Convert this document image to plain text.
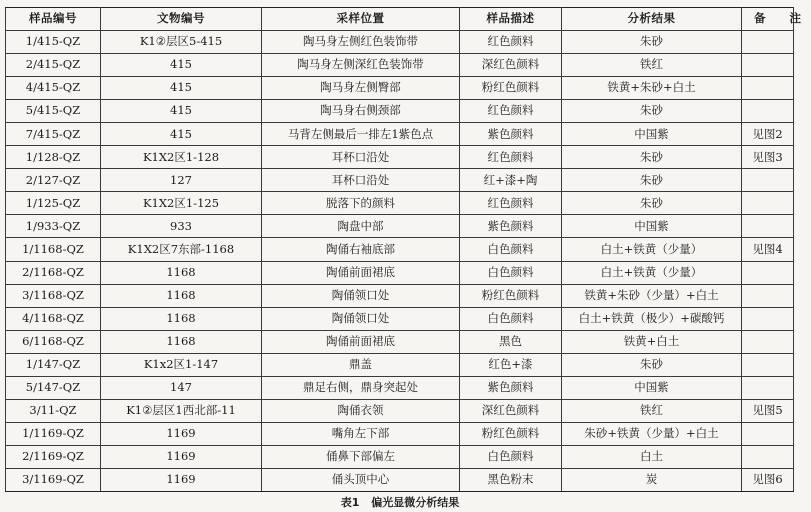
样品编号	文物编号	采样位置	样品描述	分析结果	备 注
1/415-QZ	K1②层区5-415	陶马身左侧红色装饰带	红色颜料	朱砂	
2/415-QZ	415	陶马身左侧深红色装饰带	深红色颜料	铁红	
4/415-QZ	415	陶马身左侧臀部	粉红色颜料	铁黄+朱砂+白土	
5/415-QZ	415	陶马身右侧颈部	红色颜料	朱砂	
7/415-QZ	415	马背左侧最后一排左1紫色点	紫色颜料	中国紫	见图2
1/128-QZ	K1X2区1-128	耳杯口沿处	红色颜料	朱砂	见图3
2/127-QZ	127	耳杯口沿处	红+漆+陶	朱砂	
1/125-QZ	K1X2区1-125	脱落下的颜料	红色颜料	朱砂	
1/933-QZ	933	陶盘中部	紫色颜料	中国紫	
1/1168-QZ	K1X2区7东部-1168	陶俑右袖底部	白色颜料	白土+铁黄（少量）	见图4
2/1168-QZ	1168	陶俑前面裙底	白色颜料	白土+铁黄（少量）	
3/1168-QZ	1168	陶俑领口处	粉红色颜料	铁黄+朱砂（少量）+白土	
4/1168-QZ	1168	陶俑领口处	白色颜料	白土+铁黄（极少）+碳酸钙	
6/1168-QZ	1168	陶俑前面裙底	黑色	铁黄+白土	
1/147-QZ	K1x2区1-147	鼎盖	红色+漆	朱砂	
5/147-QZ	147	鼎足右侧，鼎身突起处	紫色颜料	中国紫	
3/11-QZ	K1②层区1西北部-11	陶俑衣领	深红色颜料	铁红	见图5
1/1169-QZ	1169	嘴角左下部	粉红色颜料	朱砂+铁黄（少量）+白土	
2/1169-QZ	1169	俑鼻下部偏左	白色颜料	白土	
3/1169-QZ	1169	俑头顶中心	黑色粉末	炭	见图6
表1 偏光显微分析结果
